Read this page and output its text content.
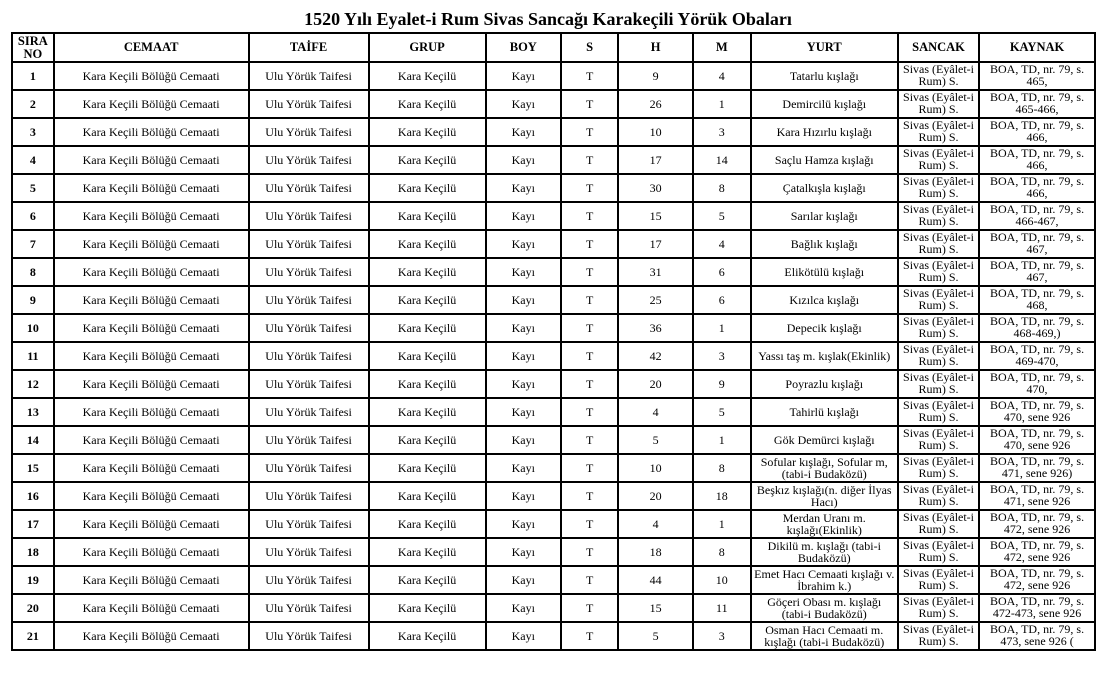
1520 Yılı Eyalet-i Rum Sivas Sancağı Karakeçili Yörük Obaları
SIRA NO	CEMAAT	TAİFE	GRUP	BOY	S	H	M	YURT	SANCAK	KAYNAK
1	Kara Keçili Bölüğü Cemaati	Ulu Yörük Taifesi	Kara Keçilü	Kayı	T	9	4	Tatarlu kışlağı	Sivas (Eyâlet-i Rum) S.	BOA, TD, nr. 79, s. 465,
2	Kara Keçili Bölüğü Cemaati	Ulu Yörük Taifesi	Kara Keçilü	Kayı	T	26	1	Demircilü kışlağı	Sivas (Eyâlet-i Rum) S.	BOA, TD, nr. 79, s. 465-466,
3	Kara Keçili Bölüğü Cemaati	Ulu Yörük Taifesi	Kara Keçilü	Kayı	T	10	3	Kara Hızırlu kışlağı	Sivas (Eyâlet-i Rum) S.	BOA, TD, nr. 79, s. 466,
4	Kara Keçili Bölüğü Cemaati	Ulu Yörük Taifesi	Kara Keçilü	Kayı	T	17	14	Saçlu Hamza kışlağı	Sivas (Eyâlet-i Rum) S.	BOA, TD, nr. 79, s. 466,
5	Kara Keçili Bölüğü Cemaati	Ulu Yörük Taifesi	Kara Keçilü	Kayı	T	30	8	Çatalkışla kışlağı	Sivas (Eyâlet-i Rum) S.	BOA, TD, nr. 79, s. 466,
6	Kara Keçili Bölüğü Cemaati	Ulu Yörük Taifesi	Kara Keçilü	Kayı	T	15	5	Sarılar kışlağı	Sivas (Eyâlet-i Rum) S.	BOA, TD, nr. 79, s. 466-467,
7	Kara Keçili Bölüğü Cemaati	Ulu Yörük Taifesi	Kara Keçilü	Kayı	T	17	4	Bağlık kışlağı	Sivas (Eyâlet-i Rum) S.	BOA, TD, nr. 79, s. 467,
8	Kara Keçili Bölüğü Cemaati	Ulu Yörük Taifesi	Kara Keçilü	Kayı	T	31	6	Elikötülü kışlağı	Sivas (Eyâlet-i Rum) S.	BOA, TD, nr. 79, s. 467,
9	Kara Keçili Bölüğü Cemaati	Ulu Yörük Taifesi	Kara Keçilü	Kayı	T	25	6	Kızılca kışlağı	Sivas (Eyâlet-i Rum) S.	BOA, TD, nr. 79, s. 468,
10	Kara Keçili Bölüğü Cemaati	Ulu Yörük Taifesi	Kara Keçilü	Kayı	T	36	1	Depecik kışlağı	Sivas (Eyâlet-i Rum) S.	BOA, TD, nr. 79, s. 468-469,)
11	Kara Keçili Bölüğü Cemaati	Ulu Yörük Taifesi	Kara Keçilü	Kayı	T	42	3	Yassı taş m. kışlak(Ekinlik)	Sivas (Eyâlet-i Rum) S.	BOA, TD, nr. 79, s. 469-470,
12	Kara Keçili Bölüğü Cemaati	Ulu Yörük Taifesi	Kara Keçilü	Kayı	T	20	9	Poyrazlu kışlağı	Sivas (Eyâlet-i Rum) S.	BOA, TD, nr. 79, s. 470,
13	Kara Keçili Bölüğü Cemaati	Ulu Yörük Taifesi	Kara Keçilü	Kayı	T	4	5	Tahirlü kışlağı	Sivas (Eyâlet-i Rum) S.	BOA, TD, nr. 79, s. 470, sene 926
14	Kara Keçili Bölüğü Cemaati	Ulu Yörük Taifesi	Kara Keçilü	Kayı	T	5	1	Gök Demürci kışlağı	Sivas (Eyâlet-i Rum) S.	BOA, TD, nr. 79, s. 470, sene 926
15	Kara Keçili Bölüğü Cemaati	Ulu Yörük Taifesi	Kara Keçilü	Kayı	T	10	8	Sofular kışlağı, Sofular m, (tabi-i Budaközü)	Sivas (Eyâlet-i Rum) S.	BOA, TD, nr. 79, s. 471, sene 926)
16	Kara Keçili Bölüğü Cemaati	Ulu Yörük Taifesi	Kara Keçilü	Kayı	T	20	18	Beşkız kışlağı(n. diğer İlyas Hacı)	Sivas (Eyâlet-i Rum) S.	BOA, TD, nr. 79, s. 471, sene 926
17	Kara Keçili Bölüğü Cemaati	Ulu Yörük Taifesi	Kara Keçilü	Kayı	T	4	1	Merdan Uranı m. kışlağı(Ekinlik)	Sivas (Eyâlet-i Rum) S.	BOA, TD, nr. 79, s. 472, sene 926
18	Kara Keçili Bölüğü Cemaati	Ulu Yörük Taifesi	Kara Keçilü	Kayı	T	18	8	Dikilü m. kışlağı (tabi-i Budaközü)	Sivas (Eyâlet-i Rum) S.	BOA, TD, nr. 79, s. 472, sene 926
19	Kara Keçili Bölüğü Cemaati	Ulu Yörük Taifesi	Kara Keçilü	Kayı	T	44	10	Emet Hacı Cemaati kışlağı v. İbrahim k.)	Sivas (Eyâlet-i Rum) S.	BOA, TD, nr. 79, s. 472, sene 926
20	Kara Keçili Bölüğü Cemaati	Ulu Yörük Taifesi	Kara Keçilü	Kayı	T	15	11	Göçeri Obası m. kışlağı (tabi-i Budaközü)	Sivas (Eyâlet-i Rum) S.	BOA, TD, nr. 79, s. 472-473, sene 926
21	Kara Keçili Bölüğü Cemaati	Ulu Yörük Taifesi	Kara Keçilü	Kayı	T	5	3	Osman Hacı Cemaati m. kışlağı (tabi-i Budaközü)	Sivas (Eyâlet-i Rum) S.	BOA, TD, nr. 79, s. 473, sene 926 (
